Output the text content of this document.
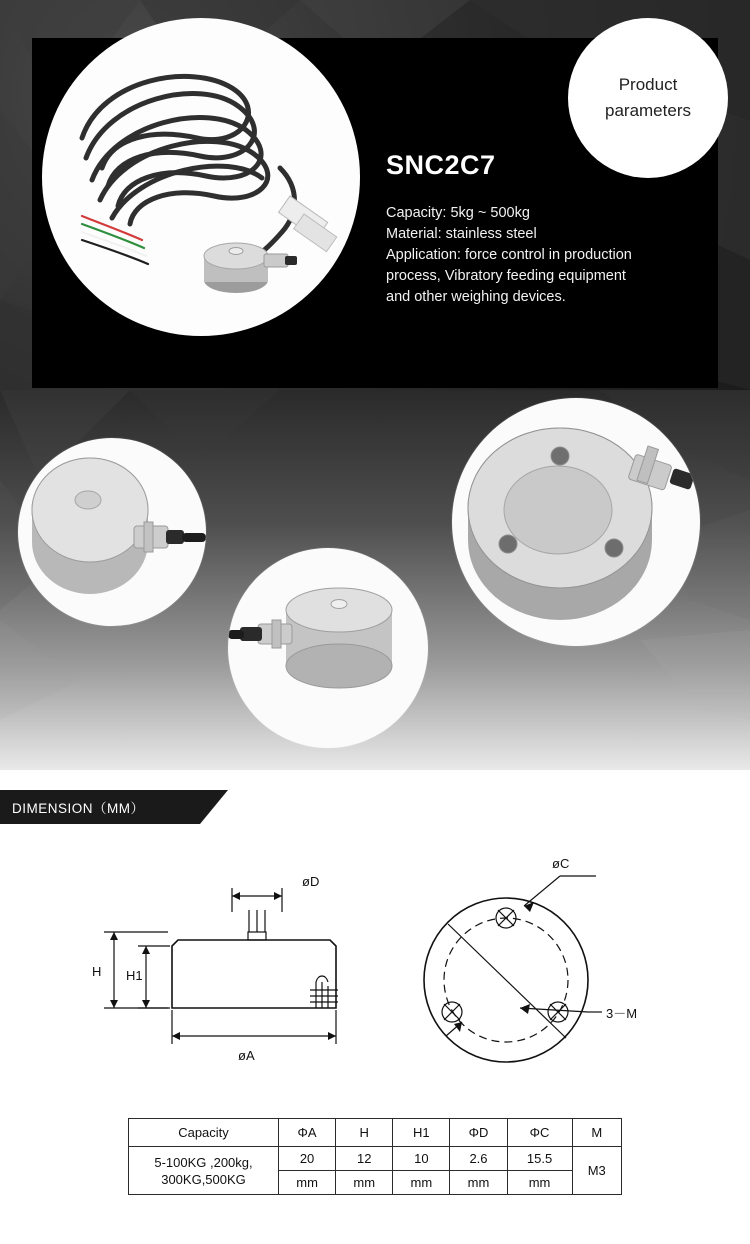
SNC2C7
Capacity: 5kg ~ 500kg
Material: stainless steel
Application: force control in production
process, Vibratory feeding equipment
and other weighing devices.
Product
parameters
DIMENSION（MM）
øD
H H1
øA
øC
3－M
Capacity	ΦA	H	H1	ΦD	ΦC	M
5-100KG ,200kg,
300KG,500KG	20	12	10	2.6	15.5	M3
	mm	mm	mm	mm	mm	
